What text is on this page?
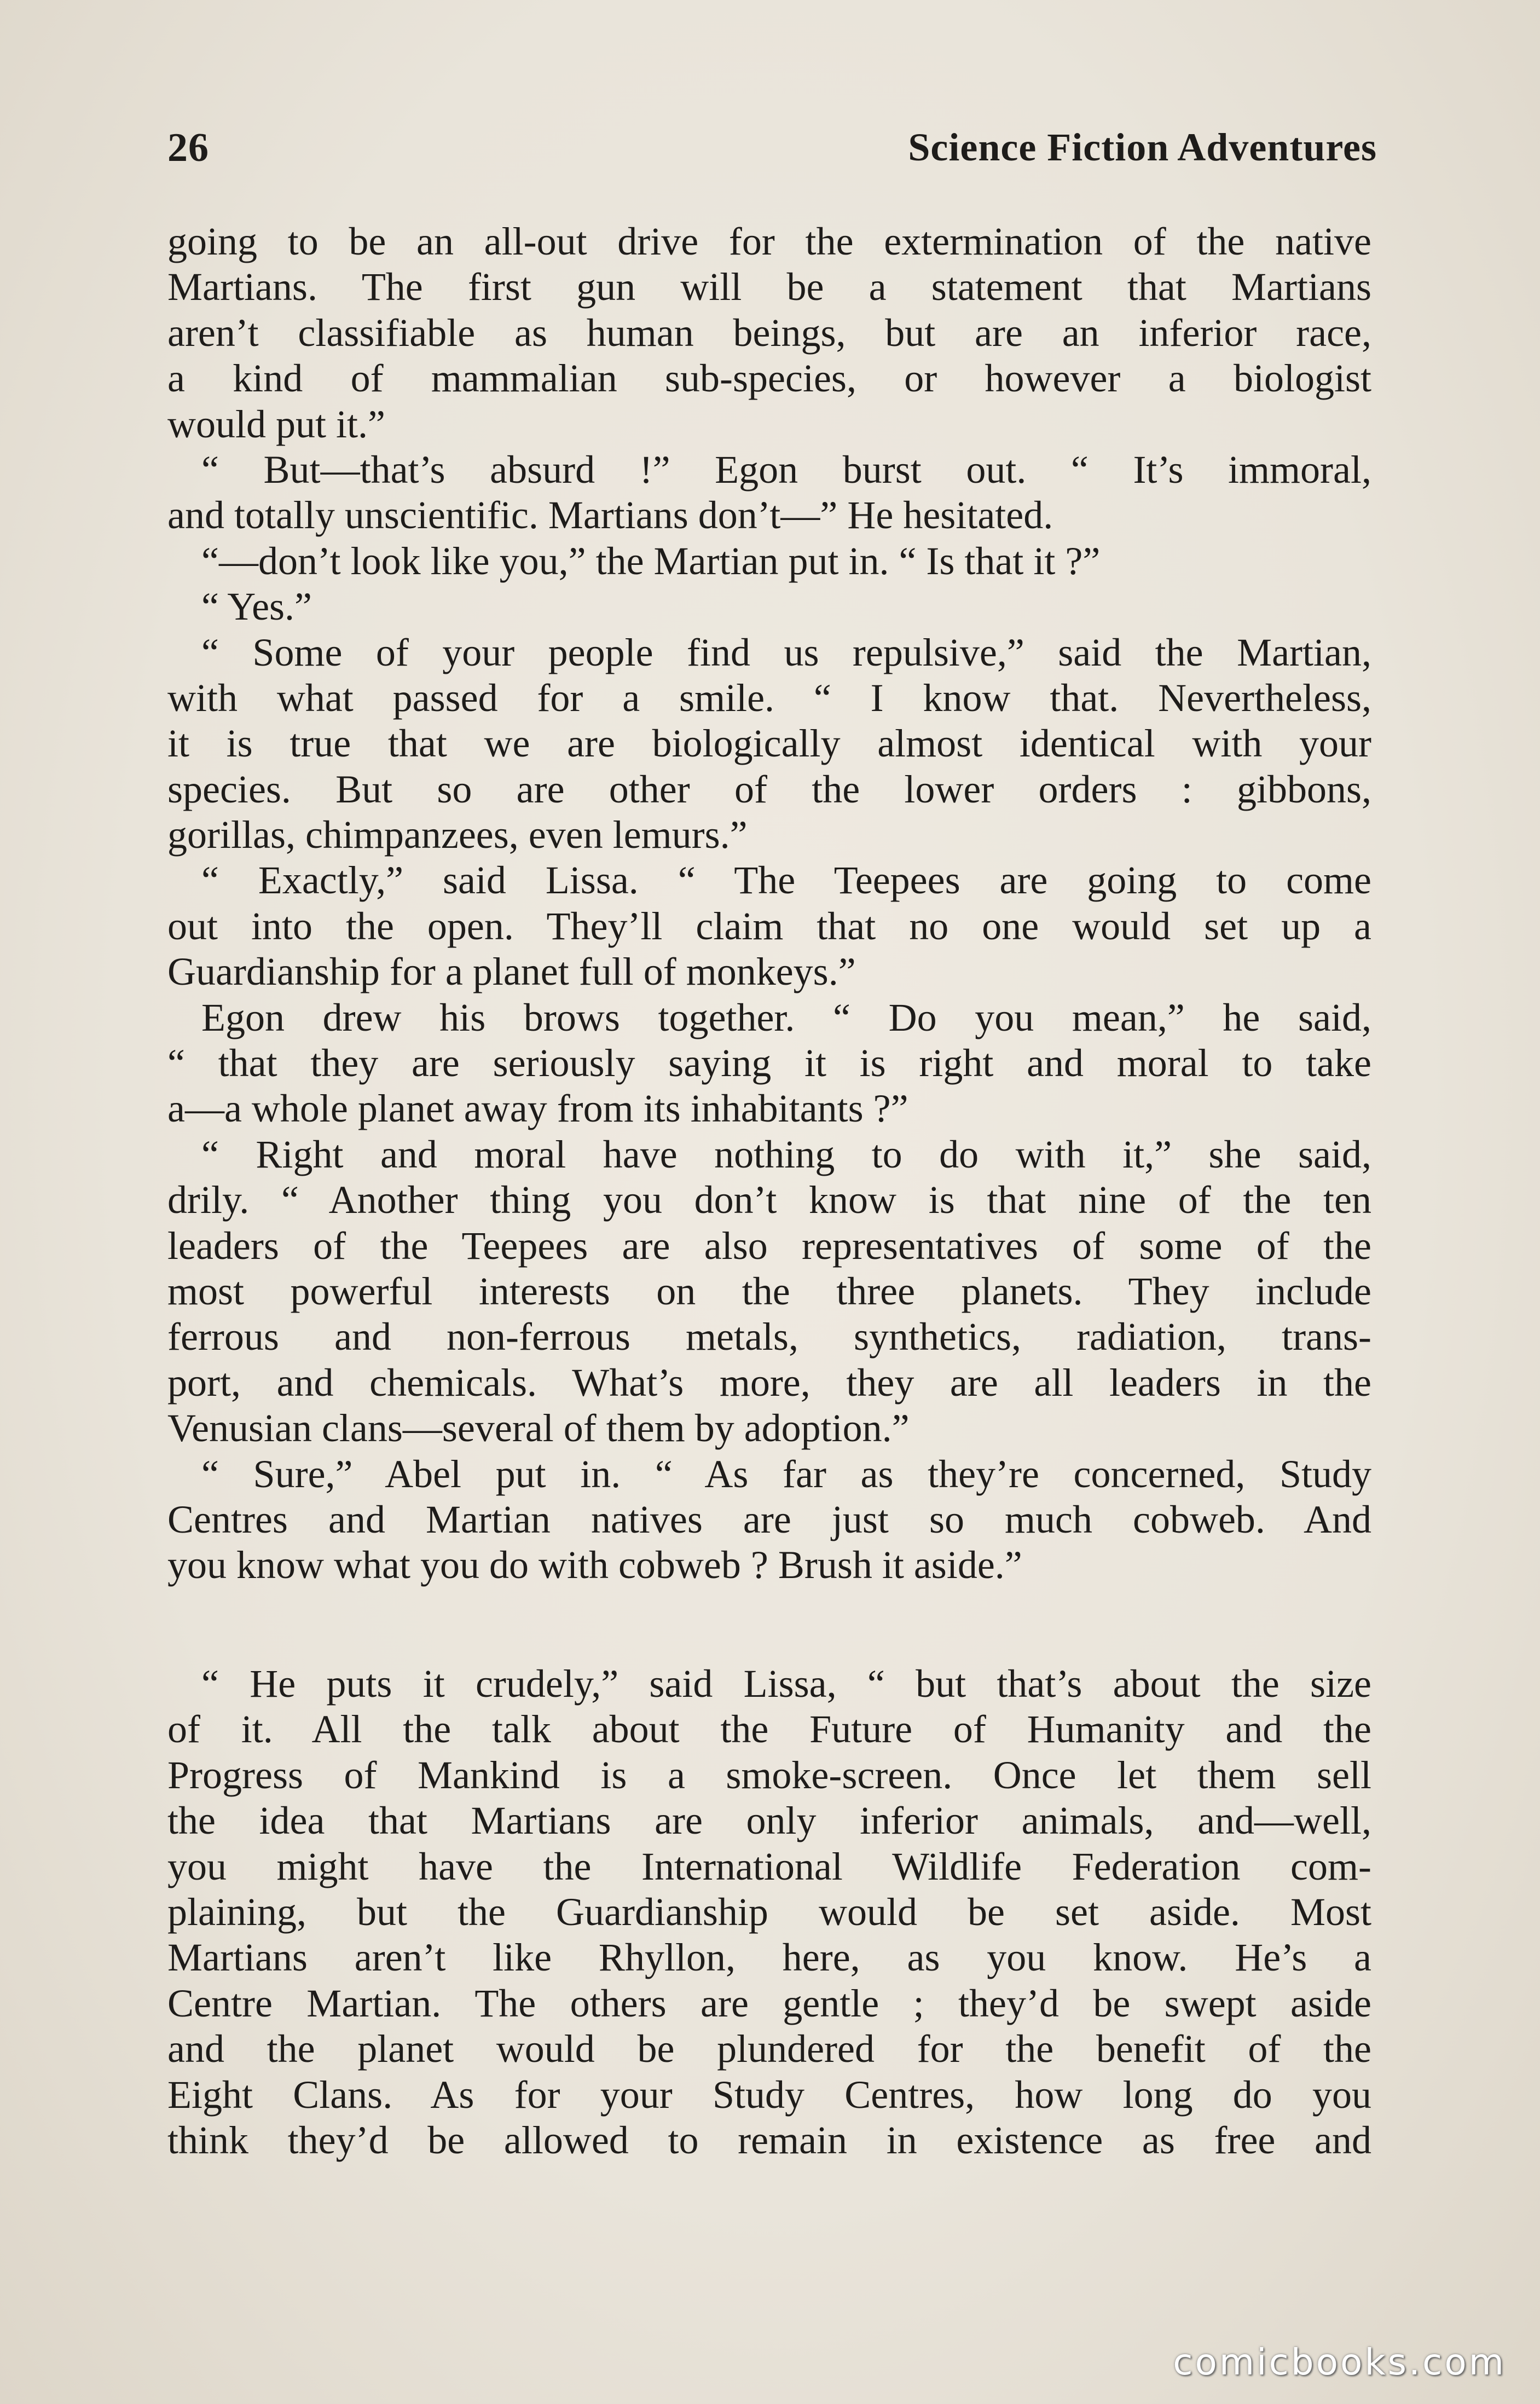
26	Science Fiction Adventures
going to be an all-out drive for the extermination of the native
Martians. The first gun will be a statement that Martians
aren’t classifiable as human beings, but are an inferior race,
a kind of mammalian sub-species, or however a biologist
would put it.”
“ But—that’s absurd !” Egon burst out. “ It’s immoral,
and totally unscientific. Martians don’t—” He hesitated.
“—don’t look like you,” the Martian put in. “ Is that it ?”
“ Yes.”
“ Some of your people find us repulsive,” said the Martian,
with what passed for a smile. “ I know that. Nevertheless,
it is true that we are biologically almost identical with your
species. But so are other of the lower orders : gibbons,
gorillas, chimpanzees, even lemurs.”
“ Exactly,” said Lissa. “ The Teepees are going to come
out into the open. They’ll claim that no one would set up a
Guardianship for a planet full of monkeys.”
Egon drew his brows together. “ Do you mean,” he said,
“ that they are seriously saying it is right and moral to take
a—a whole planet away from its inhabitants ?”
“ Right and moral have nothing to do with it,” she said,
drily. “ Another thing you don’t know is that nine of the ten
leaders of the Teepees are also representatives of some of the
most powerful interests on the three planets. They include
ferrous and non-ferrous metals, synthetics, radiation, trans-
port, and chemicals. What’s more, they are all leaders in the
Venusian clans—several of them by adoption.”
“ Sure,” Abel put in. “ As far as they’re concerned, Study
Centres and Martian natives are just so much cobweb. And
you know what you do with cobweb ? Brush it aside.”
“ He puts it crudely,” said Lissa, “ but that’s about the size
of it. All the talk about the Future of Humanity and the
Progress of Mankind is a smoke-screen. Once let them sell
the idea that Martians are only inferior animals, and—well,
you might have the International Wildlife Federation com-
plaining, but the Guardianship would be set aside. Most
Martians aren’t like Rhyllon, here, as you know. He’s a
Centre Martian. The others are gentle ; they’d be swept aside
and the planet would be plundered for the benefit of the
Eight Clans. As for your Study Centres, how long do you
think they’d be allowed to remain in existence as free and
comicbooks.com
